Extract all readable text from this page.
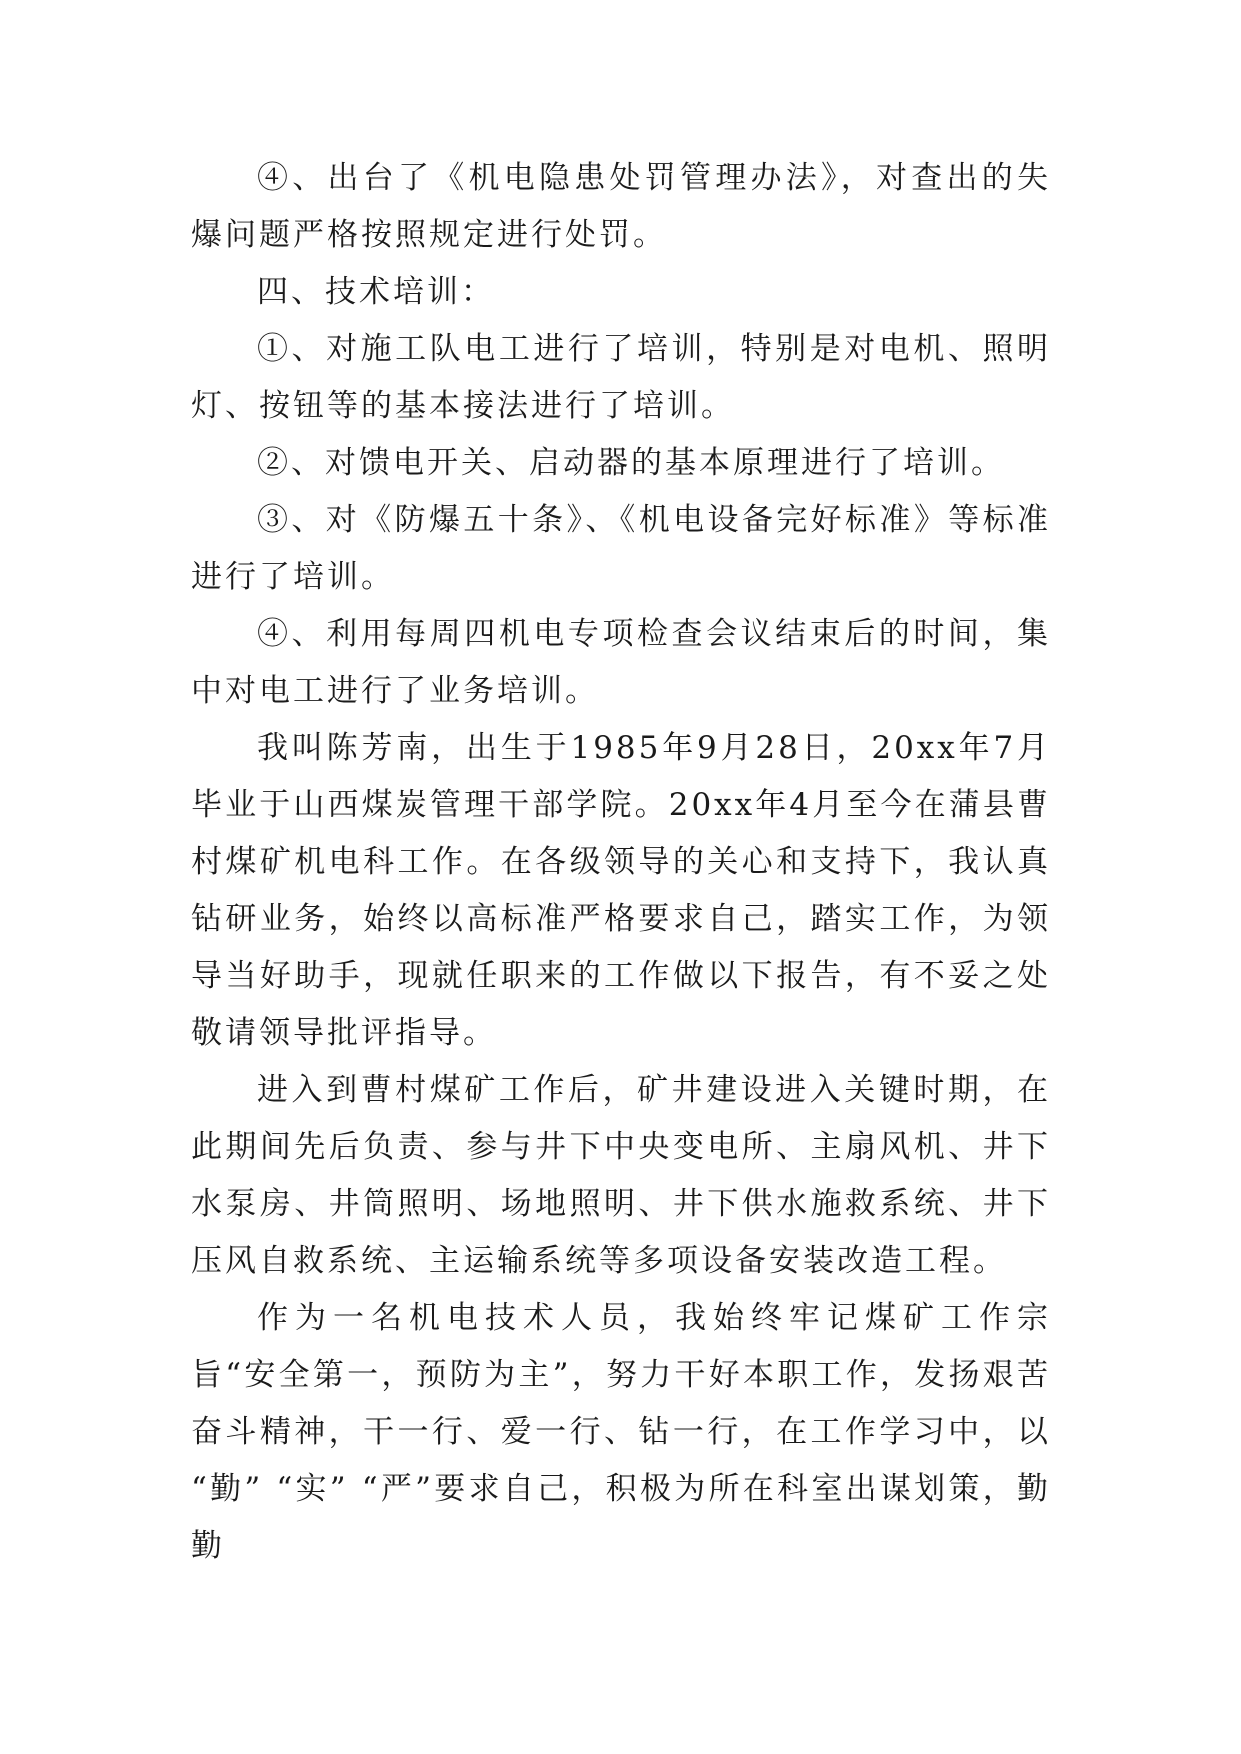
④、出台了《机电隐患处罚管理办法》，对查出的失爆问题严格按照规定进行处罚。

四、技术培训：

①、对施工队电工进行了培训，特别是对电机、照明灯、按钮等的基本接法进行了培训。

②、对馈电开关、启动器的基本原理进行了培训。

③、对《防爆五十条》、《机电设备完好标准》等标准进行了培训。

④、利用每周四机电专项检查会议结束后的时间，集中对电工进行了业务培训。

我叫陈芳南，出生于1985年9月28日，20xx年7月毕业于山西煤炭管理干部学院。20xx年4月至今在蒲县曹村煤矿机电科工作。在各级领导的关心和支持下，我认真钻研业务，始终以高标准严格要求自己，踏实工作，为领导当好助手，现就任职来的工作做以下报告，有不妥之处敬请领导批评指导。

进入到曹村煤矿工作后，矿井建设进入关键时期，在此期间先后负责、参与井下中央变电所、主扇风机、井下水泵房、井筒照明、场地照明、井下供水施救系统、井下压风自救系统、主运输系统等多项设备安装改造工程。

作为一名机电技术人员，我始终牢记煤矿工作宗旨“安全第一，预防为主”，努力干好本职工作，发扬艰苦奋斗精神，干一行、爱一行、钻一行，在工作学习中，以 “勤” “实” “严”要求自己，积极为所在科室出谋划策，勤勤
